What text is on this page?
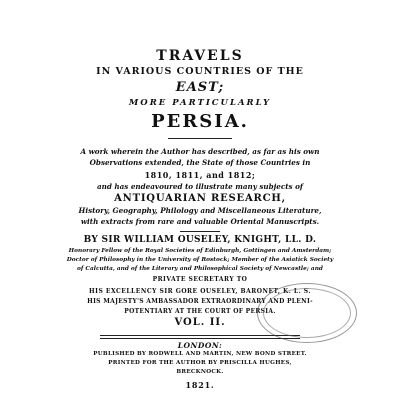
TRAVELS
IN VARIOUS COUNTRIES OF THE
EAST;
MORE PARTICULARLY
PERSIA.
A work wherein the Author has described, as far as his own
Observations extended, the State of those Countries in
1810, 1811, and 1812;
and has endeavoured to illustrate many subjects of
ANTIQUARIAN RESEARCH,
History, Geography, Philology and Miscellaneous Literature,
with extracts from rare and valuable Oriental Manuscripts.
BY SIR WILLIAM OUSELEY, KNIGHT, LL. D.
Honorary Fellow of the Royal Societies of Edinburgh, Gottingen and Amsterdam;
Doctor of Philosophy in the University of Rostock; Member of the Asiatick Society
of Calcutta, and of the Literary and Philosophical Society of Newcastle; and
PRIVATE SECRETARY TO
HIS EXCELLENCY SIR GORE OUSELEY, BARONET, K. L. S.
HIS MAJESTY'S AMBASSADOR EXTRAORDINARY AND PLENI-
POTENTIARY AT THE COURT OF PERSIA.
VOL. II.
LONDON:
PUBLISHED BY RODWELL AND MARTIN, NEW BOND STREET.
PRINTED FOR THE AUTHOR BY PRISCILLA HUGHES,
BRECKNOCK.
1821.
